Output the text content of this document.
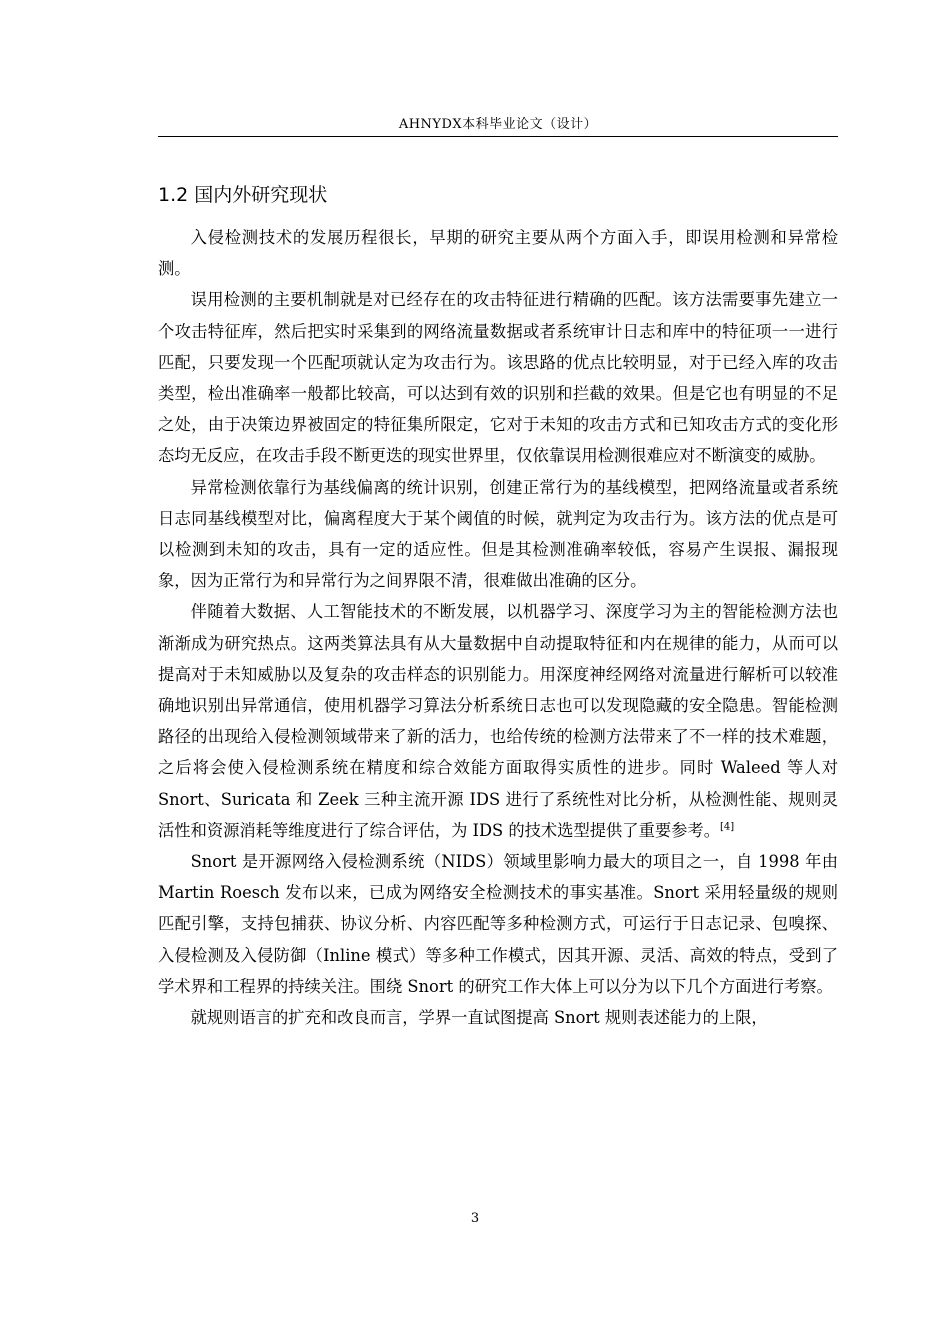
AHNYDX本科毕业论文（设计）
1.2 国内外研究现状

入侵检测技术的发展历程很长，早期的研究主要从两个方面入手，即误用检测和异常检测。

误用检测的主要机制就是对已经存在的攻击特征进行精确的匹配。该方法需要事先建立一个攻击特征库，然后把实时采集到的网络流量数据或者系统审计日志和库中的特征项一一进行匹配，只要发现一个匹配项就认定为攻击行为。该思路的优点比较明显，对于已经入库的攻击类型，检出准确率一般都比较高，可以达到有效的识别和拦截的效果。但是它也有明显的不足之处，由于决策边界被固定的特征集所限定，它对于未知的攻击方式和已知攻击方式的变化形态均无反应，在攻击手段不断更迭的现实世界里，仅依靠误用检测很难应对不断演变的威胁。

异常检测依靠行为基线偏离的统计识别，创建正常行为的基线模型，把网络流量或者系统日志同基线模型对比，偏离程度大于某个阈值的时候，就判定为攻击行为。该方法的优点是可以检测到未知的攻击，具有一定的适应性。但是其检测准确率较低，容易产生误报、漏报现象，因为正常行为和异常行为之间界限不清，很难做出准确的区分。

伴随着大数据、人工智能技术的不断发展，以机器学习、深度学习为主的智能检测方法也渐渐成为研究热点。这两类算法具有从大量数据中自动提取特征和内在规律的能力，从而可以提高对于未知威胁以及复杂的攻击样态的识别能力。用深度神经网络对流量进行解析可以较准确地识别出异常通信，使用机器学习算法分析系统日志也可以发现隐藏的安全隐患。智能检测路径的出现给入侵检测领域带来了新的活力，也给传统的检测方法带来了不一样的技术难题，之后将会使入侵检测系统在精度和综合效能方面取得实质性的进步。同时 Waleed 等人对 Snort、Suricata 和 Zeek 三种主流开源 IDS 进行了系统性对比分析，从检测性能、规则灵活性和资源消耗等维度进行了综合评估，为 IDS 的技术选型提供了重要参考。[4]

Snort 是开源网络入侵检测系统（NIDS）领域里影响力最大的项目之一，自 1998 年由 Martin Roesch 发布以来，已成为网络安全检测技术的事实基准。Snort 采用轻量级的规则匹配引擎，支持包捕获、协议分析、内容匹配等多种检测方式，可运行于日志记录、包嗅探、入侵检测及入侵防御（Inline 模式）等多种工作模式，因其开源、灵活、高效的特点，受到了学术界和工程界的持续关注。围绕 Snort 的研究工作大体上可以分为以下几个方面进行考察。

就规则语言的扩充和改良而言，学界一直试图提高 Snort 规则表述能力的上限，

3
